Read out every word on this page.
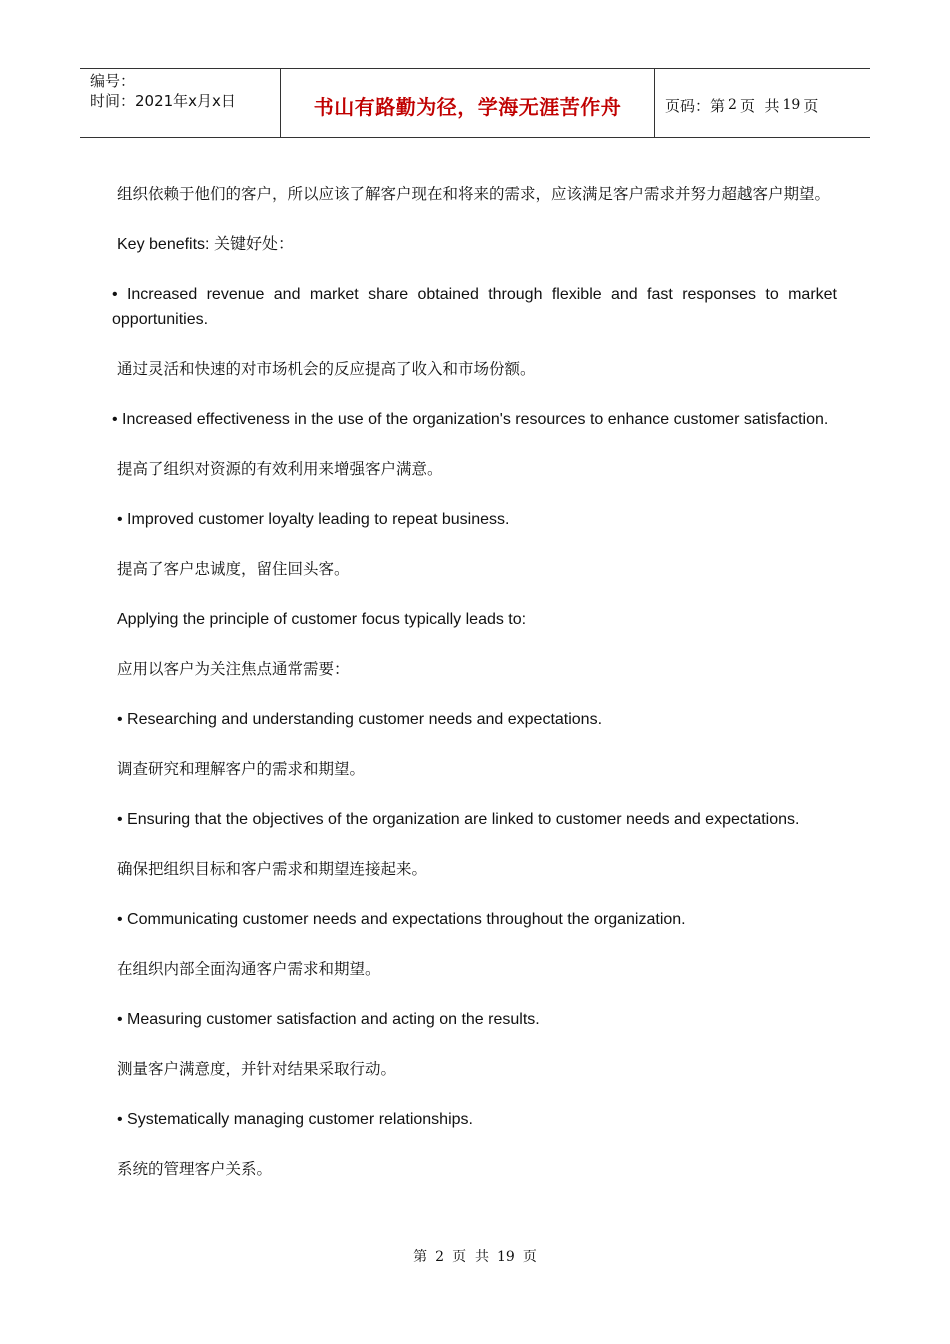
编号：
时间：2021年x月x日	书山有路勤为径，学海无涯苦作舟	页码：第 2 页  共 19 页

组织依赖于他们的客户，所以应该了解客户现在和将来的需求，应该满足客户需求并努力超越客户期望。

Key benefits: 关键好处：

• Increased revenue and market share obtained through flexible and fast responses to market opportunities.

通过灵活和快速的对市场机会的反应提高了收入和市场份额。

• Increased effectiveness in the use of the organization's resources to enhance customer satisfaction.

提高了组织对资源的有效利用来增强客户满意。

• Improved customer loyalty leading to repeat business.

提高了客户忠诚度，留住回头客。

Applying the principle of customer focus typically leads to:

应用以客户为关注焦点通常需要：

• Researching and understanding customer needs and expectations.

调查研究和理解客户的需求和期望。

• Ensuring that the objectives of the organization are linked to customer needs and expectations.

确保把组织目标和客户需求和期望连接起来。

• Communicating customer needs and expectations throughout the organization.

在组织内部全面沟通客户需求和期望。

• Measuring customer satisfaction and acting on the results.

测量客户满意度，并针对结果采取行动。

• Systematically managing customer relationships.

系统的管理客户关系。

第 2 页  共 19 页
